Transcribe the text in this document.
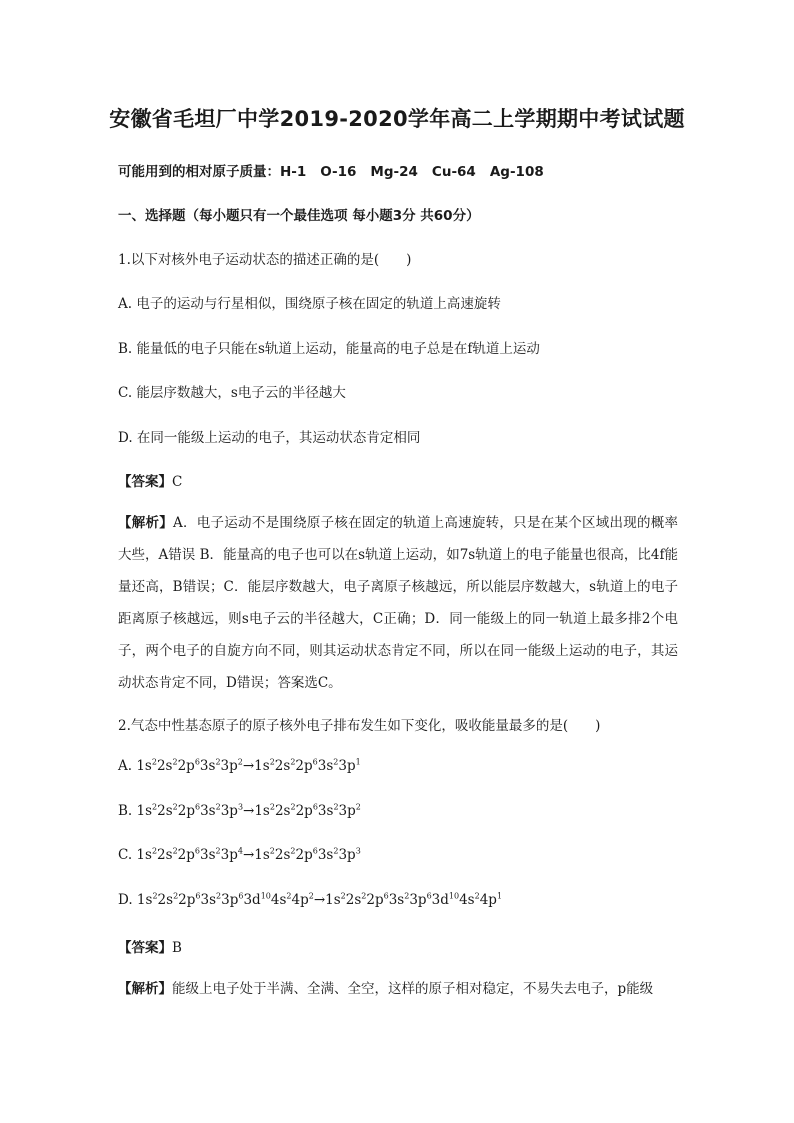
安徽省毛坦厂中学2019-2020学年高二上学期期中考试试题
可能用到的相对原子质量：H-1 O-16 Mg-24 Cu-64 Ag-108
一、选择题（每小题只有一个最佳选项 每小题3分 共60分）
1.以下对核外电子运动状态的描述正确的是(　　)
A. 电子的运动与行星相似，围绕原子核在固定的轨道上高速旋转
B. 能量低的电子只能在s轨道上运动，能量高的电子总是在f轨道上运动
C. 能层序数越大，s电子云的半径越大
D. 在同一能级上运动的电子，其运动状态肯定相同
【答案】C
【解析】A．电子运动不是围绕原子核在固定的轨道上高速旋转，只是在某个区域出现的概率大些，A错误 B．能量高的电子也可以在s轨道上运动，如7s轨道上的电子能量也很高，比4f能量还高，B错误；C．能层序数越大，电子离原子核越远，所以能层序数越大，s轨道上的电子距离原子核越远，则s电子云的半径越大，C正确；D．同一能级上的同一轨道上最多排2个电子，两个电子的自旋方向不同，则其运动状态肯定不同，所以在同一能级上运动的电子，其运动状态肯定不同，D错误；答案选C。
2.气态中性基态原子的原子核外电子排布发生如下变化，吸收能量最多的是(　　)
A. $1s^22s^22p^63s^23p^2\to 1s^22s^22p^63s^23p^1$
B. $1s^22s^22p^63s^23p^3\to 1s^22s^22p^63s^23p^2$
C. $1s^22s^22p^63s^23p^4\to 1s^22s^22p^63s^23p^3$
D. $1s^22s^22p^63s^23p^63d^{10}4s^24p^2\to 1s^22s^22p^63s^23p^63d^{10}4s^24p^1$
【答案】B
【解析】能级上电子处于半满、全满、全空，这样的原子相对稳定，不易失去电子，p能级
